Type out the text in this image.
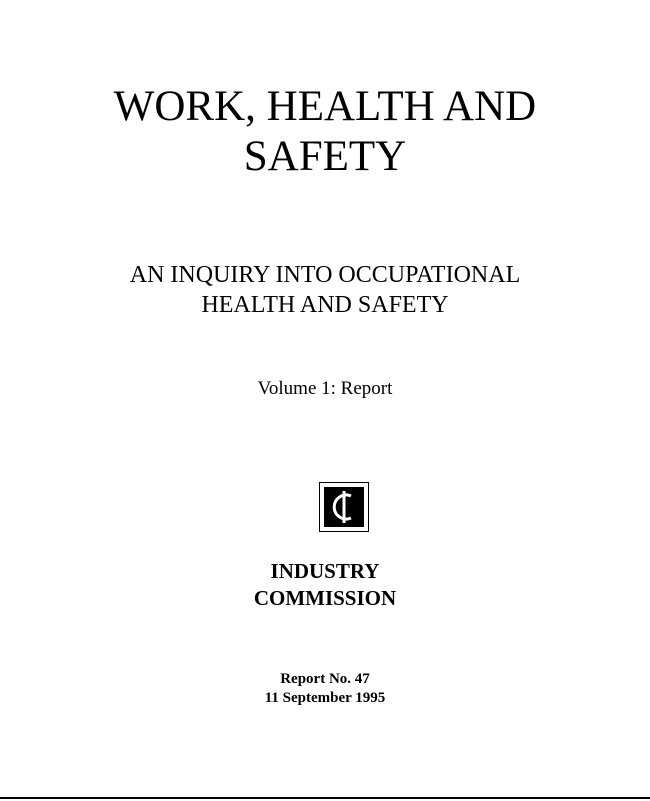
WORK, HEALTH AND
SAFETY
AN INQUIRY INTO OCCUPATIONAL
HEALTH AND SAFETY

Volume 1: Report

INDUSTRY
COMMISSION
Report No. 47
11 September 1995
